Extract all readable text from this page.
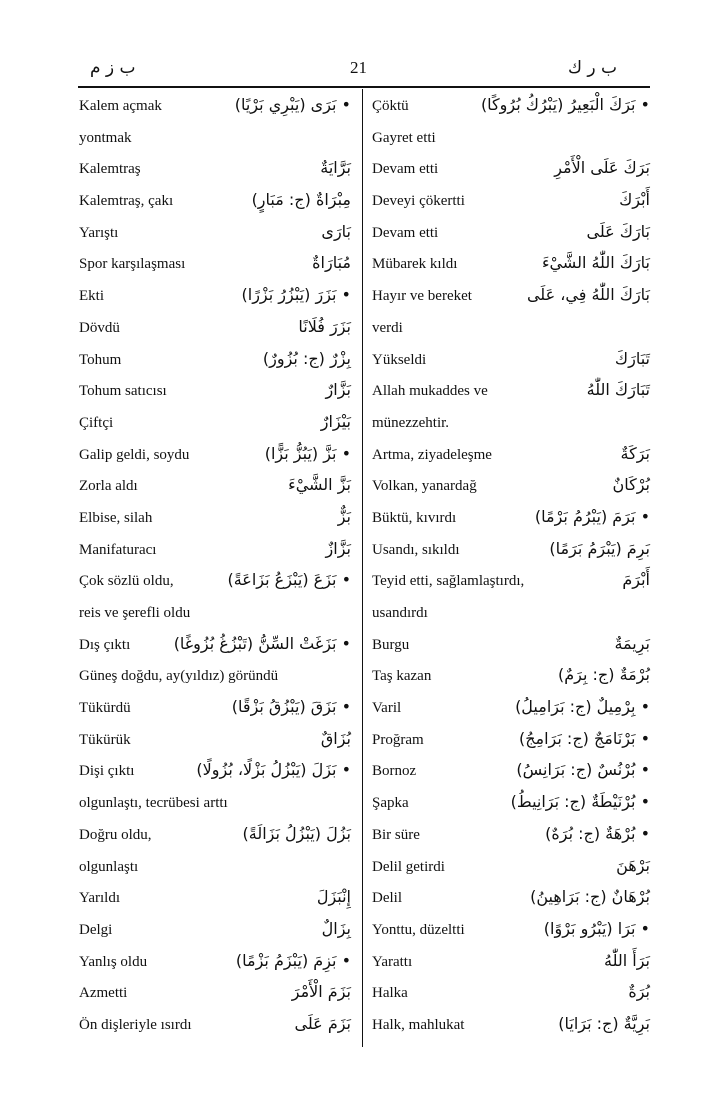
ب ز م	21	ب ر ك
Kalem açmak	• بَرَى (يَبْرِي بَرْيًا)
yontmak
Kalemtraş	بَرَّايَةٌ
Kalemtraş, çakı	مِبْرَاةٌ (ج: مَبَارٍ)
Yarıştı	بَارَى
Spor karşılaşması	مُبَارَاةٌ
Ekti	• بَزَرَ (يَبْزُرُ بَزْرًا)
Dövdü	بَزَرَ فُلَانًا
Tohum	بِزْرٌ (ج: بُزُورٌ)
Tohum satıcısı	بَزَّارٌ
Çiftçi	بَيْزَارٌ
Galip geldi, soydu	• بَزَّ (يَبُزُّ بَزًّا)
Zorla aldı	بَزَّ الشَّيْءَ
Elbise, silah	بَزٌّ
Manifaturacı	بَزَّازٌ
Çok sözlü oldu,	• بَزَعَ (يَبْزَعُ بَزَاعَةً)
reis ve şerefli oldu
Dış çıktı	• بَزَغَتْ السِّنُّ (تَبْزُغُ بُزُوغًا)
Güneş doğdu, ay(yıldız) göründü
Tükürdü	• بَزَقَ (يَبْزُقُ بَزْقًا)
Tükürük	بُزَاقٌ
Dişi çıktı	• بَزَلَ (يَبْزُلُ بَزْلًا، بُزُولًا)
olgunlaştı, tecrübesi arttı
Doğru oldu,	بَزُلَ (يَبْزُلُ بَزَالَةً)
olgunlaştı
Yarıldı	إِنْبَزَلَ
Delgi	بِزَالٌ
Yanlış oldu	• بَزِمَ (يَبْزَمُ بَزْمًا)
Azmetti	بَزَمَ الْأَمْرَ
Ön dişleriyle ısırdı	بَزَمَ عَلَى
Çöktü	• بَرَكَ الْبَعِيرُ (يَبْرُكُ بُرُوكًا)
Gayret etti
Devam etti	بَرَكَ عَلَى الْأَمْرِ
Deveyi çökertti	أَبْرَكَ
Devam etti	بَارَكَ عَلَى
Mübarek kıldı	بَارَكَ اللّٰهُ الشَّيْءَ
Hayır ve bereket	بَارَكَ اللّٰهُ فِي، عَلَى
verdi
Yükseldi	تَبَارَكَ
Allah mukaddes ve	تَبَارَكَ اللّٰهُ
münezzehtir.
Artma, ziyadeleşme	بَرَكَةٌ
Volkan, yanardağ	بُرْكَانٌ
Büktü, kıvırdı	• بَرَمَ (يَبْرُمُ بَرْمًا)
Usandı, sıkıldı	بَرِمَ (يَبْرَمُ بَرَمًا)
Teyid etti, sağlamlaştırdı,	أَبْرَمَ
usandırdı
Burgu	بَرِيمَةٌ
Taş kazan	بُرْمَةٌ (ج: بِرَمٌ)
Varil	• بِرْمِيلٌ (ج: بَرَامِيلُ)
Proğram	• بَرْنَامَجٌ (ج: بَرَامِجُ)
Bornoz	• بُرْنُسٌ (ج: بَرَانِسُ)
Şapka	• بُرْنَيْطَةٌ (ج: بَرَانِيطُ)
Bir süre	• بُرْهَةٌ (ج: بُرَهٌ)
Delil getirdi	بَرْهَنَ
Delil	بُرْهَانٌ (ج: بَرَاهِينُ)
Yonttu, düzeltti	• بَرَا (يَبْرُو بَرْوًا)
Yarattı	بَرَأَ اللّٰهُ
Halka	بُرَةٌ
Halk, mahlukat	بَرِيَّةٌ (ج: بَرَايَا)
